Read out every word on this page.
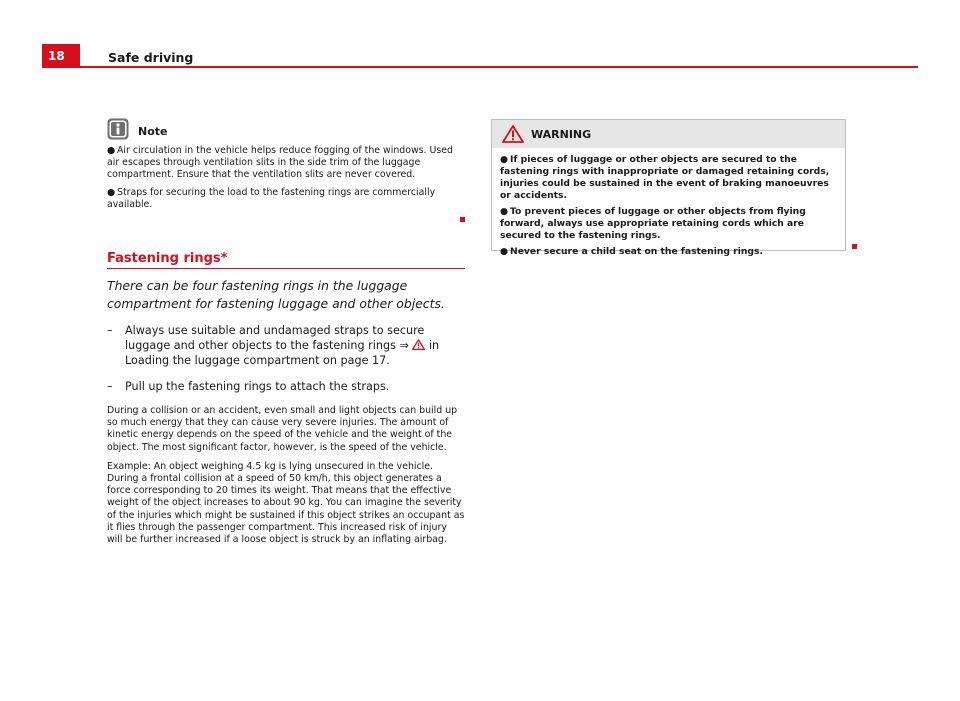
18	Safe driving
Note

● Air circulation in the vehicle helps reduce fogging of the windows. Used air escapes through ventilation slits in the side trim of the luggage compartment. Ensure that the ventilation slits are never covered.

● Straps for securing the load to the fastening rings are commercially available.

Fastening rings*

There can be four fastening rings in the luggage compartment for fastening luggage and other objects.

– Always use suitable and undamaged straps to secure luggage and other objects to the fastening rings ⇒  in Loading the luggage compartment on page 17.
– Pull up the fastening rings to attach the straps.

During a collision or an accident, even small and light objects can build up so much energy that they can cause very severe injuries. The amount of kinetic energy depends on the speed of the vehicle and the weight of the object. The most significant factor, however, is the speed of the vehicle.

Example: An object weighing 4.5 kg is lying unsecured in the vehicle. During a frontal collision at a speed of 50 km/h, this object generates a force corresponding to 20 times its weight. That means that the effective weight of the object increases to about 90 kg. You can imagine the severity of the injuries which might be sustained if this object strikes an occupant as it flies through the passenger compartment. This increased risk of injury will be further increased if a loose object is struck by an inflating airbag.

WARNING

● If pieces of luggage or other objects are secured to the fastening rings with inappropriate or damaged retaining cords, injuries could be sustained in the event of braking manoeuvres or accidents.

● To prevent pieces of luggage or other objects from flying forward, always use appropriate retaining cords which are secured to the fastening rings.

● Never secure a child seat on the fastening rings.
